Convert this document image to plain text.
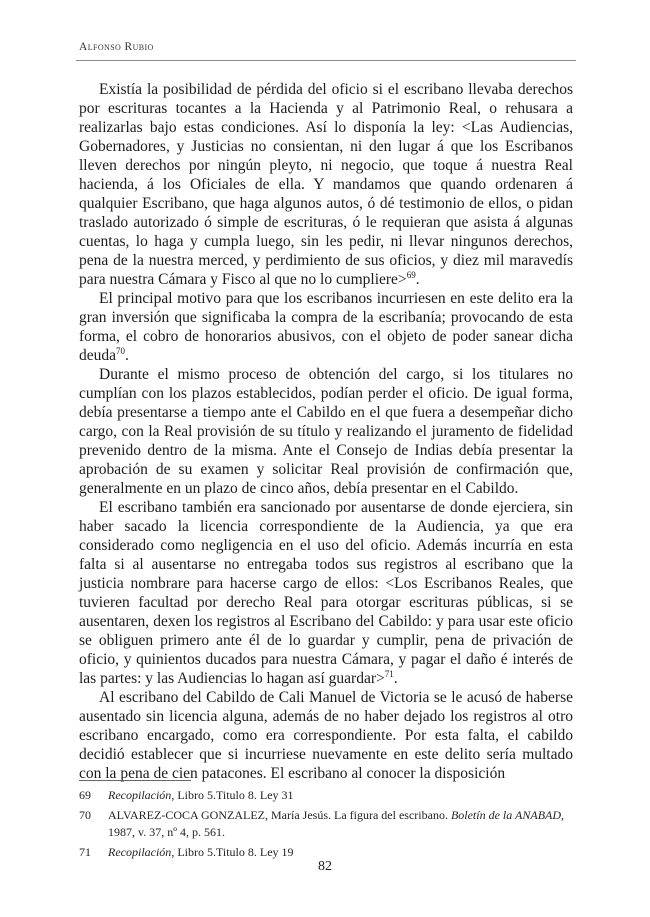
Alfonso Rubio

Existía la posibilidad de pérdida del oficio si el escribano llevaba derechos por escrituras tocantes a la Hacienda y al Patrimonio Real, o rehusara a realizarlas bajo estas condiciones. Así lo disponía la ley: <Las Audiencias, Gobernadores, y Justicias no consientan, ni den lugar á que los Escribanos lleven derechos por ningún pleyto, ni negocio, que toque á nuestra Real hacienda, á los Oficiales de ella. Y mandamos que quando ordenaren á qualquier Escribano, que haga algunos autos, ó dé testimonio de ellos, o pidan traslado autorizado ó simple de escrituras, ó le requieran que asista á algunas cuentas, lo haga y cumpla luego, sin les pedir, ni llevar ningunos derechos, pena de la nuestra merced, y perdimiento de sus oficios, y diez mil maravedís para nuestra Cámara y Fisco al que no lo cumpliere>$^{69}$.

El principal motivo para que los escribanos incurriesen en este delito era la gran inversión que significaba la compra de la escribanía; provocando de esta forma, el cobro de honorarios abusivos, con el objeto de poder sanear dicha deuda$^{70}$.

Durante el mismo proceso de obtención del cargo, si los titulares no cumplían con los plazos establecidos, podían perder el oficio. De igual forma, debía presentarse a tiempo ante el Cabildo en el que fuera a desempeñar dicho cargo, con la Real provisión de su título y realizando el juramento de fidelidad prevenido dentro de la misma. Ante el Consejo de Indias debía presentar la aprobación de su examen y solicitar Real provisión de confirmación que, generalmente en un plazo de cinco años, debía presentar en el Cabildo.

El escribano también era sancionado por ausentarse de donde ejerciera, sin haber sacado la licencia correspondiente de la Audiencia, ya que era considerado como negligencia en el uso del oficio. Además incurría en esta falta si al ausentarse no entregaba todos sus registros al escribano que la justicia nombrare para hacerse cargo de ellos: <Los Escribanos Reales, que tuvieren facultad por derecho Real para otorgar escrituras públicas, si se ausentaren, dexen los registros al Escribano del Cabildo: y para usar este oficio se obliguen primero ante él de lo guardar y cumplir, pena de privación de oficio, y quinientos ducados para nuestra Cámara, y pagar el daño é interés de las partes: y las Audiencias lo hagan así guardar>$^{71}$.

Al escribano del Cabildo de Cali Manuel de Victoria se le acusó de haberse ausentado sin licencia alguna, además de no haber dejado los registros al otro escribano encargado, como era correspondiente. Por esta falta, el cabildo decidió establecer que si incurriese nuevamente en este delito sería multado con la pena de cien patacones. El escribano al conocer la disposición

69	Recopilación, Libro 5.Titulo 8. Ley 31
70	ALVAREZ-COCA GONZALEZ, María Jesús. La figura del escribano. Boletín de la ANABAD, 1987, v. 37, nº 4, p. 561.
71	Recopilación, Libro 5.Titulo 8. Ley 19
82
